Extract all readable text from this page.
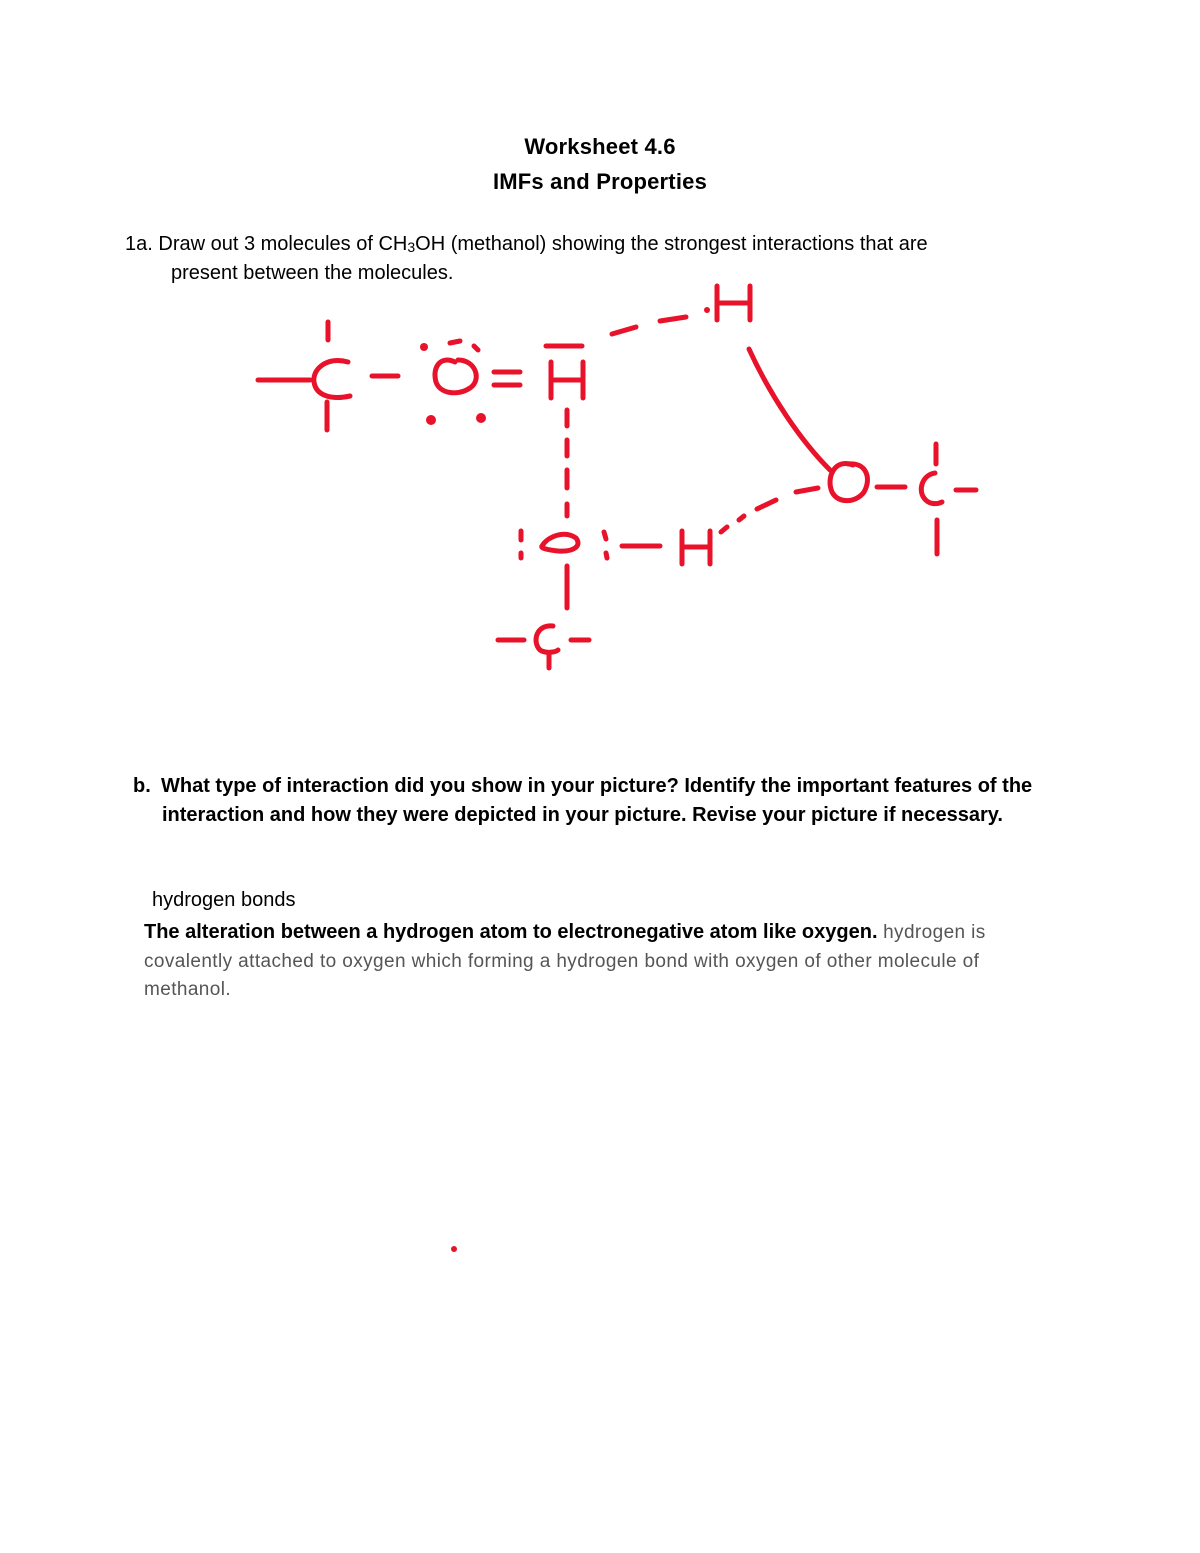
Worksheet 4.6
IMFs and Properties
1a. Draw out 3 molecules of CH3OH (methanol) showing the strongest interactions that are
present between the molecules.
b. What type of interaction did you show in your picture? Identify the important features of the
interaction and how they were depicted in your picture. Revise your picture if necessary.
hydrogen bonds
The alteration between a hydrogen atom to electronegative atom like oxygen. hydrogen is
covalently attached to oxygen which forming a hydrogen bond with oxygen of other molecule of
methanol.
